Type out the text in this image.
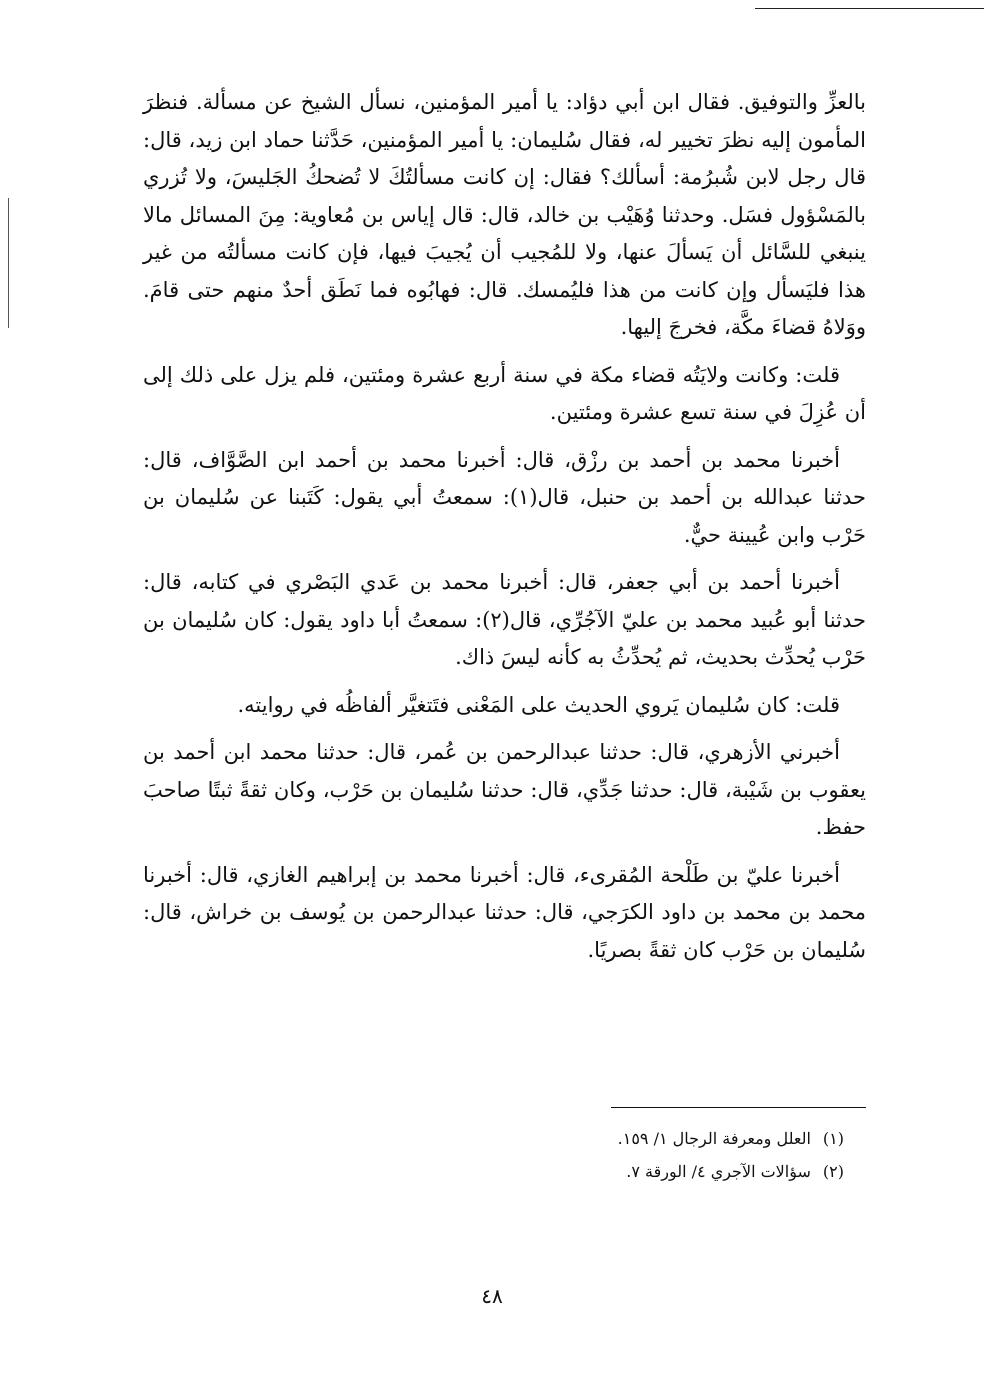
بالعزِّ والتوفيق. فقال ابن أبي دؤاد: يا أمير المؤمنين، نسأل الشيخ عن مسألة. فنظرَ المأمون إليه نظرَ تخيير له، فقال سُليمان: يا أمير المؤمنين، حَدَّثنا حماد ابن زيد، قال: قال رجل لابن شُبرُمة: أسألك؟ فقال: إن كانت مسألتُكَ لا تُضحكُ الجَليسَ، ولا تُزري بالمَسْؤول فسَل. وحدثنا وُهَيْب بن خالد، قال: قال إياس بن مُعاوية: مِنَ المسائل مالا ينبغي للسَّائل أن يَسألَ عنها، ولا للمُجيب أن يُجيبَ فيها، فإن كانت مسألتُه من غير هذا فليَسأل وإن كانت من هذا فليُمسك. قال: فهابُوه فما نَطَق أحدٌ منهم حتى قامَ. ووَلاهُ قضاءَ مكَّة، فخرجَ إليها.

قلت: وكانت ولايَتُه قضاء مكة في سنة أربع عشرة ومئتين، فلم يزل على ذلك إلى أن عُزِلَ في سنة تسع عشرة ومئتين.

أخبرنا محمد بن أحمد بن رزْق، قال: أخبرنا محمد بن أحمد ابن الصَّوَّاف، قال: حدثنا عبدالله بن أحمد بن حنبل، قال(١): سمعتُ أبي يقول: كَتَبنا عن سُليمان بن حَرْب وابن عُيينة حيٌّ.

أخبرنا أحمد بن أبي جعفر، قال: أخبرنا محمد بن عَدي البَصْري في كتابه، قال: حدثنا أبو عُبيد محمد بن عليّ الآجُرِّي، قال(٢): سمعتُ أبا داود يقول: كان سُليمان بن حَرْب يُحدِّث بحديث، ثم يُحدِّثُ به كأنه ليسَ ذاك.

قلت: كان سُليمان يَروي الحديث على المَعْنى فتَتغيَّر ألفاظُه في روايته.

أخبرني الأزهري، قال: حدثنا عبدالرحمن بن عُمر، قال: حدثنا محمد ابن أحمد بن يعقوب بن شَيْبة، قال: حدثنا جَدِّي، قال: حدثنا سُليمان بن حَرْب، وكان ثقةً ثبتًا صاحبَ حفظ.

أخبرنا عليّ بن طَلْحة المُقرىء، قال: أخبرنا محمد بن إبراهيم الغازي، قال: أخبرنا محمد بن محمد بن داود الكرَجي، قال: حدثنا عبدالرحمن بن يُوسف بن خراش، قال: سُليمان بن حَرْب كان ثقةً بصريًا.

(١)العلل ومعرفة الرجال ١/ ١٥٩.
(٢)سؤالات الآجري ٤/ الورقة ٧.
٤٨
